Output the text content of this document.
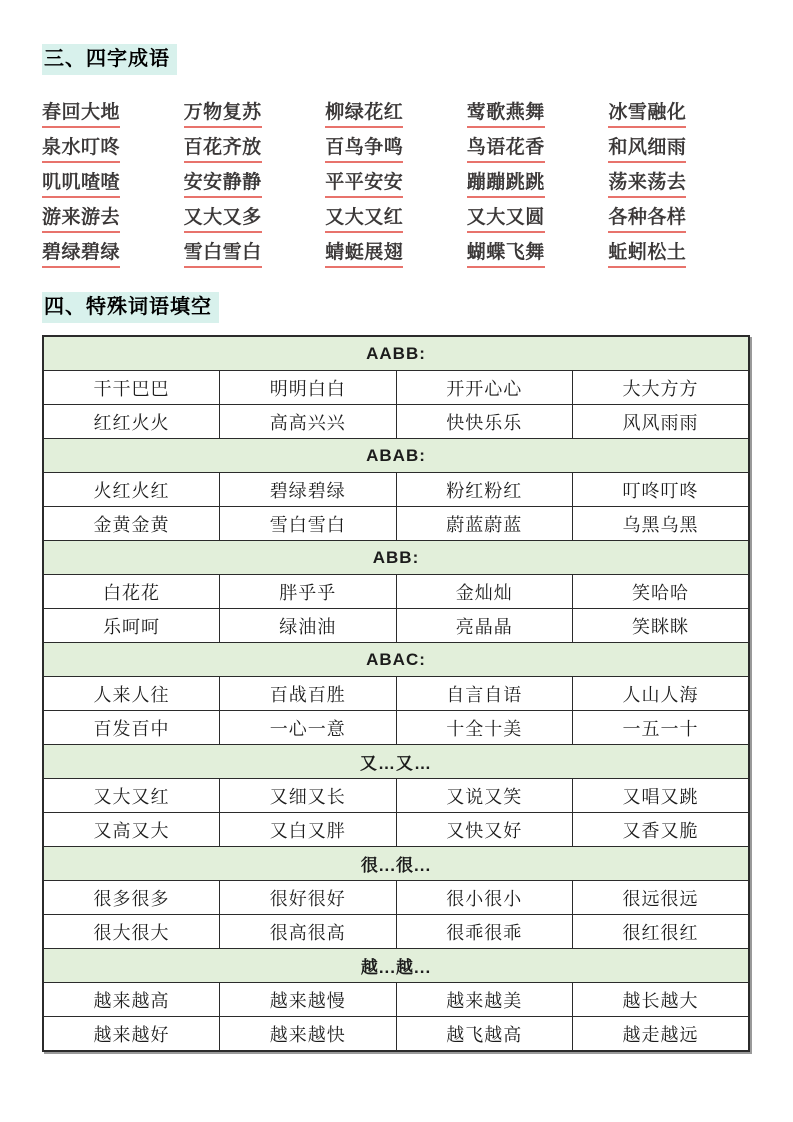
三、四字成语
春回大地	万物复苏	柳绿花红	莺歌燕舞	冰雪融化
泉水叮咚	百花齐放	百鸟争鸣	鸟语花香	和风细雨
叽叽喳喳	安安静静	平平安安	蹦蹦跳跳	荡来荡去
游来游去	又大又多	又大又红	又大又圆	各种各样
碧绿碧绿	雪白雪白	蜻蜓展翅	蝴蝶飞舞	蚯蚓松土
四、特殊词语填空
AABB:			
干干巴巴	明明白白	开开心心	大大方方
红红火火	高高兴兴	快快乐乐	风风雨雨
ABAB:			
火红火红	碧绿碧绿	粉红粉红	叮咚叮咚
金黄金黄	雪白雪白	蔚蓝蔚蓝	乌黑乌黑
ABB:			
白花花	胖乎乎	金灿灿	笑哈哈
乐呵呵	绿油油	亮晶晶	笑眯眯
ABAC:			
人来人往	百战百胜	自言自语	人山人海
百发百中	一心一意	十全十美	一五一十
又…又…			
又大又红	又细又长	又说又笑	又唱又跳
又高又大	又白又胖	又快又好	又香又脆
很...很...			
很多很多	很好很好	很小很小	很远很远
很大很大	很高很高	很乖很乖	很红很红
越...越...			
越来越高	越来越慢	越来越美	越长越大
越来越好	越来越快	越飞越高	越走越远
